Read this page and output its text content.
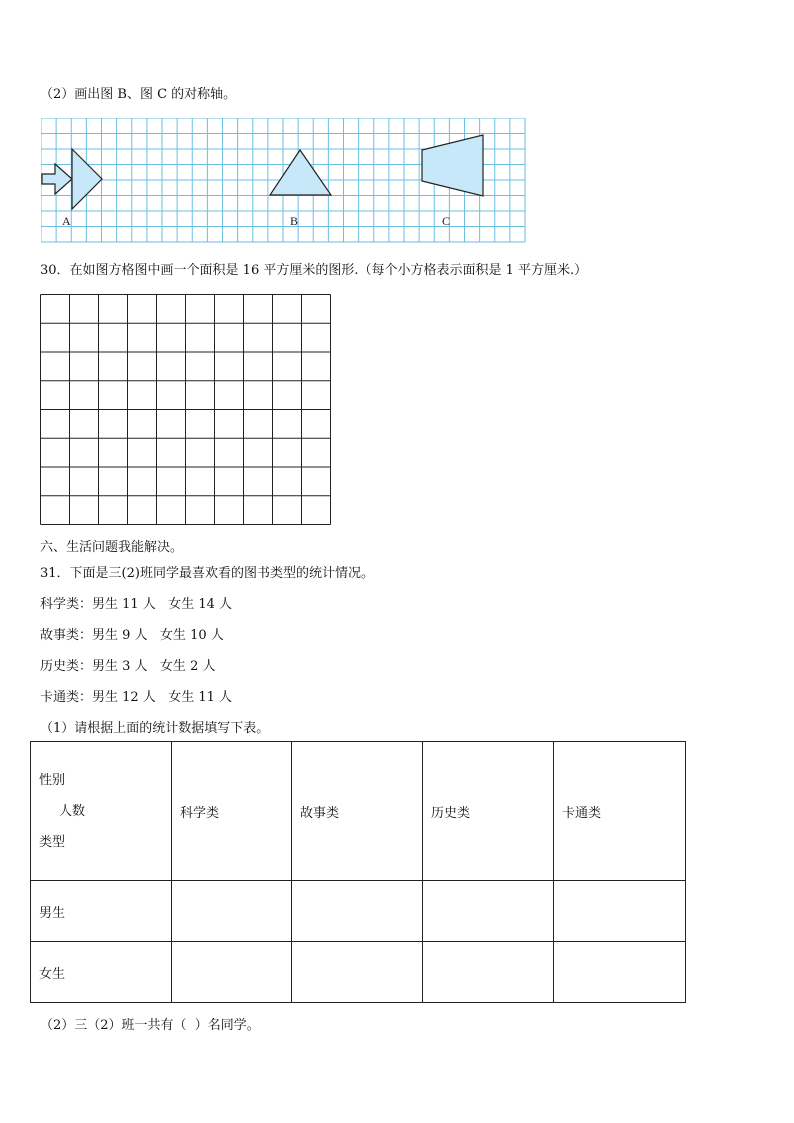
（2）画出图 B、图 C 的对称轴。
A	B	C
30．在如图方格图中画一个面积是 16 平方厘米的图形.（每个小方格表示面积是 1 平方厘米.）
六、生活问题我能解决。
31．下面是三(2)班同学最喜欢看的图书类型的统计情况。
科学类：男生 11 人   女生 14 人
故事类：男生 9 人   女生 10 人
历史类：男生 3 人   女生 2 人
卡通类：男生 12 人   女生 11 人
（1）请根据上面的统计数据填写下表。
性别
人数
类型	科学类	故事类	历史类	卡通类
男生				
女生				
（2）三（2）班一共有（  ）名同学。
